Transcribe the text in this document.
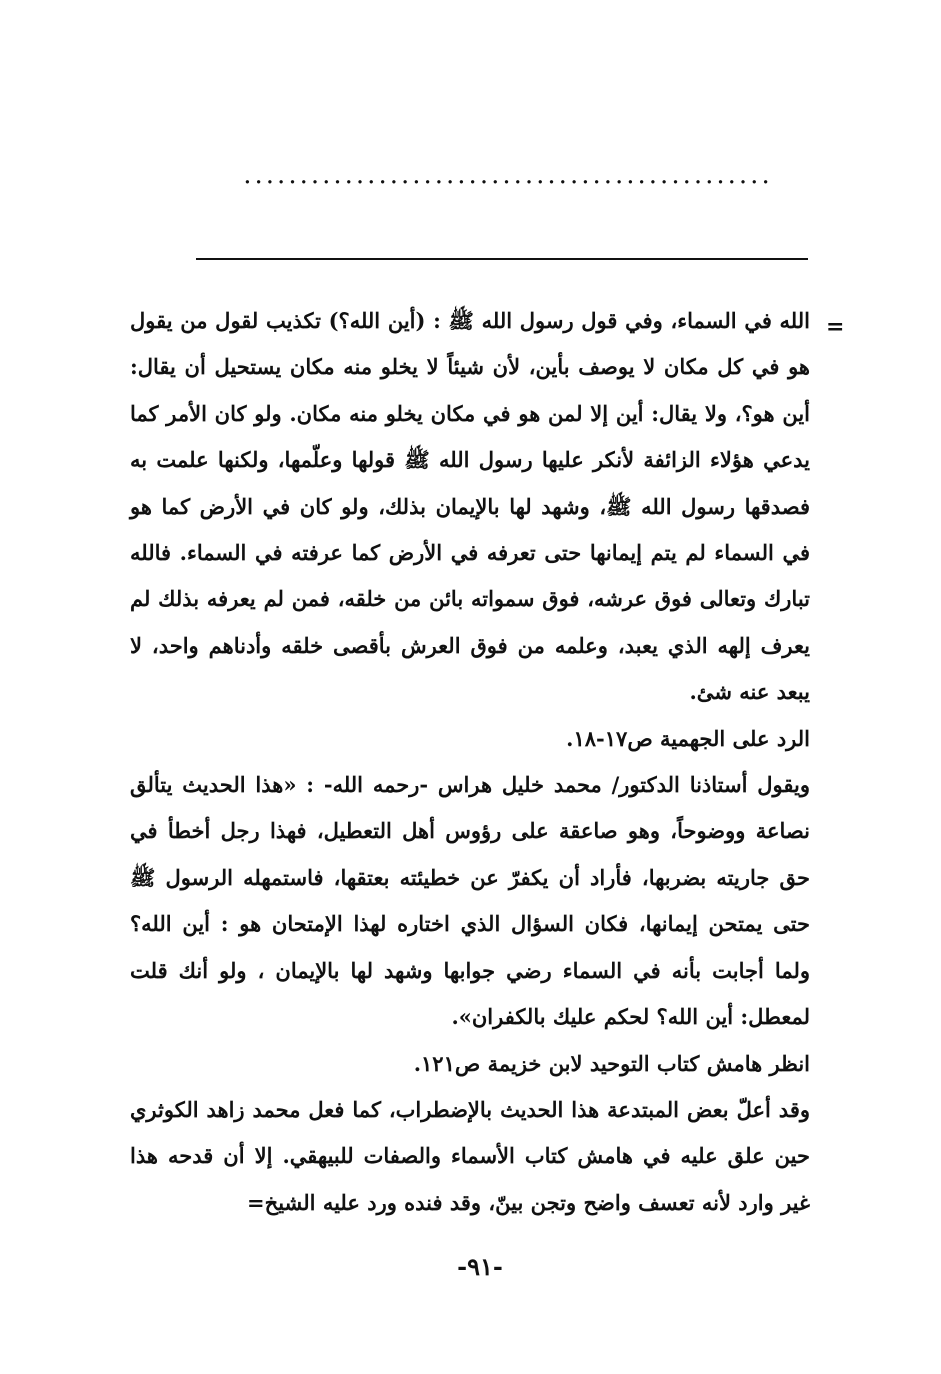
...............................................
=

الله في السماء، وفي قول رسول الله ﷺ : (أين الله؟) تكذيب لقول من يقول هو في كل مكان لا يوصف بأين، لأن شيئاً لا يخلو منه مكان يستحيل أن يقال: أين هو؟، ولا يقال: أين إلا لمن هو في مكان يخلو منه مكان. ولو كان الأمر كما يدعي هؤلاء الزائفة لأنكر عليها رسول الله ﷺ قولها وعلّمها، ولكنها علمت به فصدقها رسول الله ﷺ، وشهد لها بالإيمان بذلك، ولو كان في الأرض كما هو في السماء لم يتم إيمانها حتى تعرفه في الأرض كما عرفته في السماء. فالله تبارك وتعالى فوق عرشه، فوق سمواته بائن من خلقه، فمن لم يعرفه بذلك لم يعرف إلهه الذي يعبد، وعلمه من فوق العرش بأقصى خلقه وأدناهم واحد، لا يبعد عنه شئ.

الرد على الجهمية ص١٧-١٨.

ويقول أستاذنا الدكتور/ محمد خليل هراس -رحمه الله- : «هذا الحديث يتألق نصاعة ووضوحاً، وهو صاعقة على رؤوس أهل التعطيل، فهذا رجل أخطأ في حق جاريته بضربها، فأراد أن يكفرّ عن خطيئته بعتقها، فاستمهله الرسول ﷺ حتى يمتحن إيمانها، فكان السؤال الذي اختاره لهذا الإمتحان هو : أين الله؟ ولما أجابت بأنه في السماء رضي جوابها وشهد لها بالإيمان ، ولو أنك قلت لمعطل: أين الله؟ لحكم عليك بالكفران».

انظر هامش كتاب التوحيد لابن خزيمة ص١٢١.

وقد أعلّ بعض المبتدعة هذا الحديث بالإضطراب، كما فعل محمد زاهد الكوثري حين علق عليه في هامش كتاب الأسماء والصفات للبيهقي. إلا أن قدحه هذا غير وارد لأنه تعسف واضح وتجن بينّ، وقد فنده ورد عليه الشيخ=

-٩١-
